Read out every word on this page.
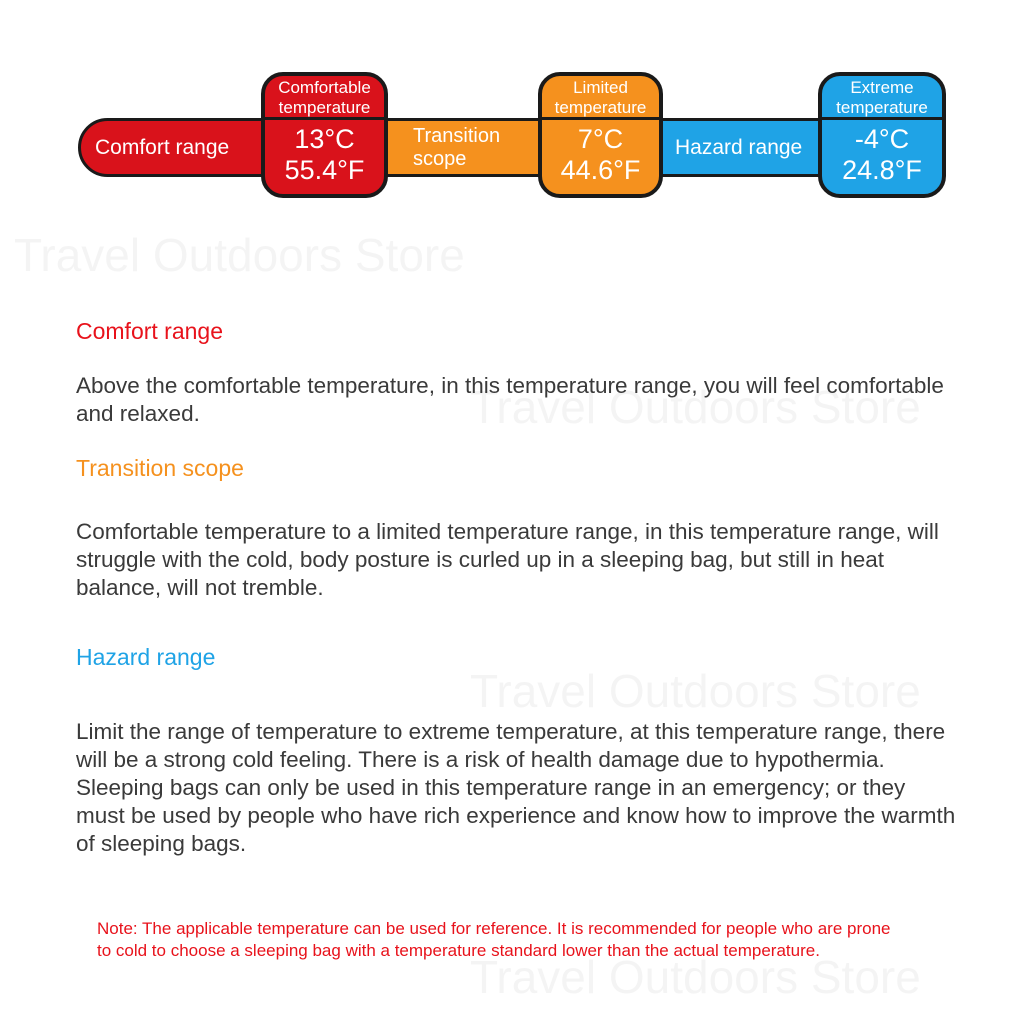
Comfort range	Transition scope	Hazard range
Comfortable temperature
13°C
55.4°F
Limited temperature
7°C
44.6°F
Extreme temperature
-4°C
24.8°F
Comfort range
Above the comfortable temperature, in this temperature range, you will feel comfortable and relaxed.
Transition scope
Comfortable temperature to a limited temperature range, in this temperature range, will struggle with the cold, body posture is curled up in a sleeping bag, but still in heat balance, will not tremble.
Hazard range
Limit the range of temperature to extreme temperature, at this temperature range, there will be a strong cold feeling. There is a risk of health damage due to hypothermia. Sleeping bags can only be used in this temperature range in an emergency; or they must be used by people who have rich experience and know how to improve the warmth of sleeping bags.
Note: The applicable temperature can be used for reference. It is recommended for people who are prone to cold to choose a sleeping bag with a temperature standard lower than the actual temperature.
